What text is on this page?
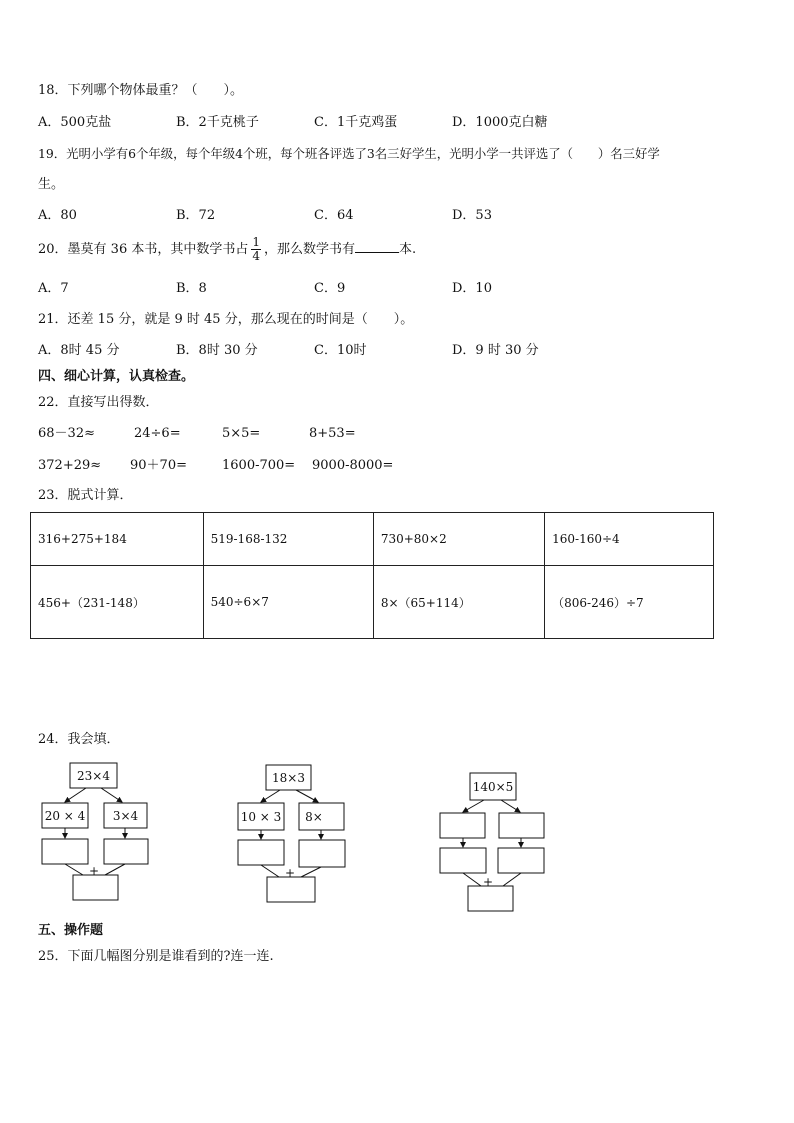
18．下列哪个物体最重？（　　）。
A．500克盐	B．2千克桃子	C．1千克鸡蛋	D．1000克白糖
19．光明小学有6个年级，每个年级4个班，每个班各评选了3名三好学生，光明小学一共评选了（　　）名三好学
生。
A．80	B．72	C．64	D．53
20．墨莫有 36 本书，其中数学书占 $\frac{1}{4}$ ，那么数学书有	本.
A．7	B．8	C．9	D．10
21．还差 15 分，就是 9 时 45 分，那么现在的时间是（　　）。
A．8时 45 分	B．8时 30 分	C．10时	D．9 时 30 分
四、细心计算，认真检查。
22．直接写出得数．
68－32≈	24÷6=	5×5=	8+53=
372+29≈ 90＋70=	1600-700= 9000-8000=
23．脱式计算．
316+275+184	519-168-132	730+80×2	160-160÷4
456+（231-148）	540÷6×7	8×（65+114）	（806-246）÷7
24．我会填．
23×4
20 × 4 3×4
+
18×3
10 × 3 8×
+
140×5
+
五、操作题
25．下面几幅图分别是谁看到的?连一连.
